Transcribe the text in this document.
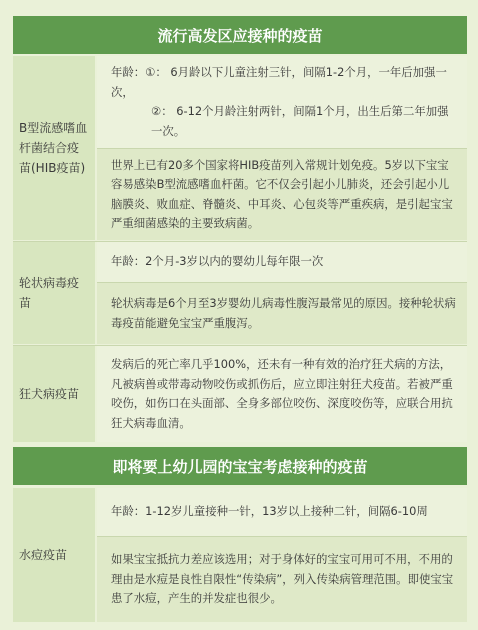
流行高发区应接种的疫苗
B型流感嗜血杆菌结合疫苗(HIB疫苗)
年龄：①： 6月龄以下儿童注射三针，间隔1-2个月，一年后加强一次，
②： 6-12个月龄注射两针，间隔1个月，出生后第二年加强一次。
世界上已有20多个国家将HIB疫苗列入常规计划免疫。5岁以下宝宝容易感染B型流感嗜血杆菌。它不仅会引起小儿肺炎，还会引起小儿脑膜炎、败血症、脊髓炎、中耳炎、心包炎等严重疾病，是引起宝宝严重细菌感染的主要致病菌。
轮状病毒疫苗
年龄：2个月-3岁以内的婴幼儿每年限一次
轮状病毒是6个月至3岁婴幼儿病毒性腹泻最常见的原因。接种轮状病毒疫苗能避免宝宝严重腹泻。
狂犬病疫苗
发病后的死亡率几乎100%，还未有一种有效的治疗狂犬病的方法，凡被病兽或带毒动物咬伤或抓伤后，应立即注射狂犬疫苗。若被严重咬伤，如伤口在头面部、全身多部位咬伤、深度咬伤等，应联合用抗狂犬病毒血清。
即将要上幼儿园的宝宝考虑接种的疫苗
水痘疫苗
年龄：1-12岁儿童接种一针，13岁以上接种二针，间隔6-10周
如果宝宝抵抗力差应该选用；对于身体好的宝宝可用可不用，不用的理由是水痘是良性自限性“传染病”，列入传染病管理范围。即使宝宝患了水痘，产生的并发症也很少。
